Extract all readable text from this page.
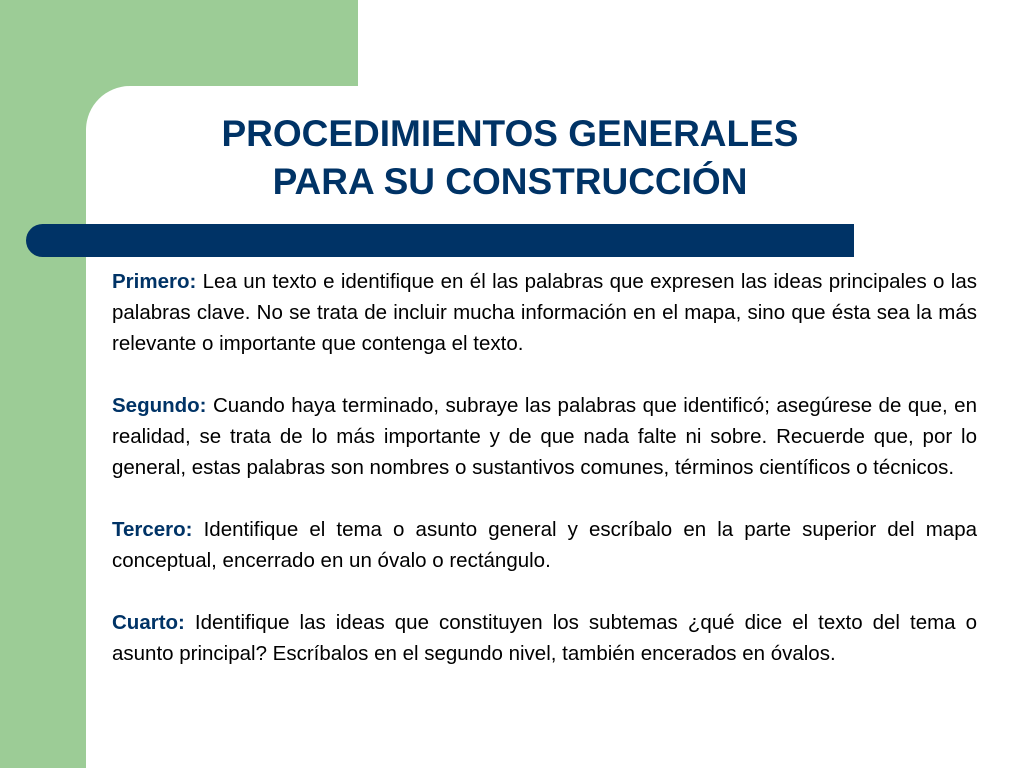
PROCEDIMIENTOS GENERALES
PARA SU CONSTRUCCIÓN

Primero: Lea un texto e identifique en él las palabras que expresen las ideas principales o las palabras clave. No se trata de incluir mucha información en el mapa, sino que ésta sea la más relevante o importante que contenga el texto.

Segundo: Cuando haya terminado, subraye las palabras que identificó; asegúrese de que, en realidad, se trata de lo más importante y de que nada falte ni sobre. Recuerde que, por lo general, estas palabras son nombres o sustantivos comunes, términos científicos o técnicos.

Tercero: Identifique el tema o asunto general y escríbalo en la parte superior del mapa conceptual, encerrado en un óvalo o rectángulo.

Cuarto: Identifique las ideas que constituyen los subtemas ¿qué dice el texto del tema o asunto principal? Escríbalos en el segundo nivel, también encerados en óvalos.
